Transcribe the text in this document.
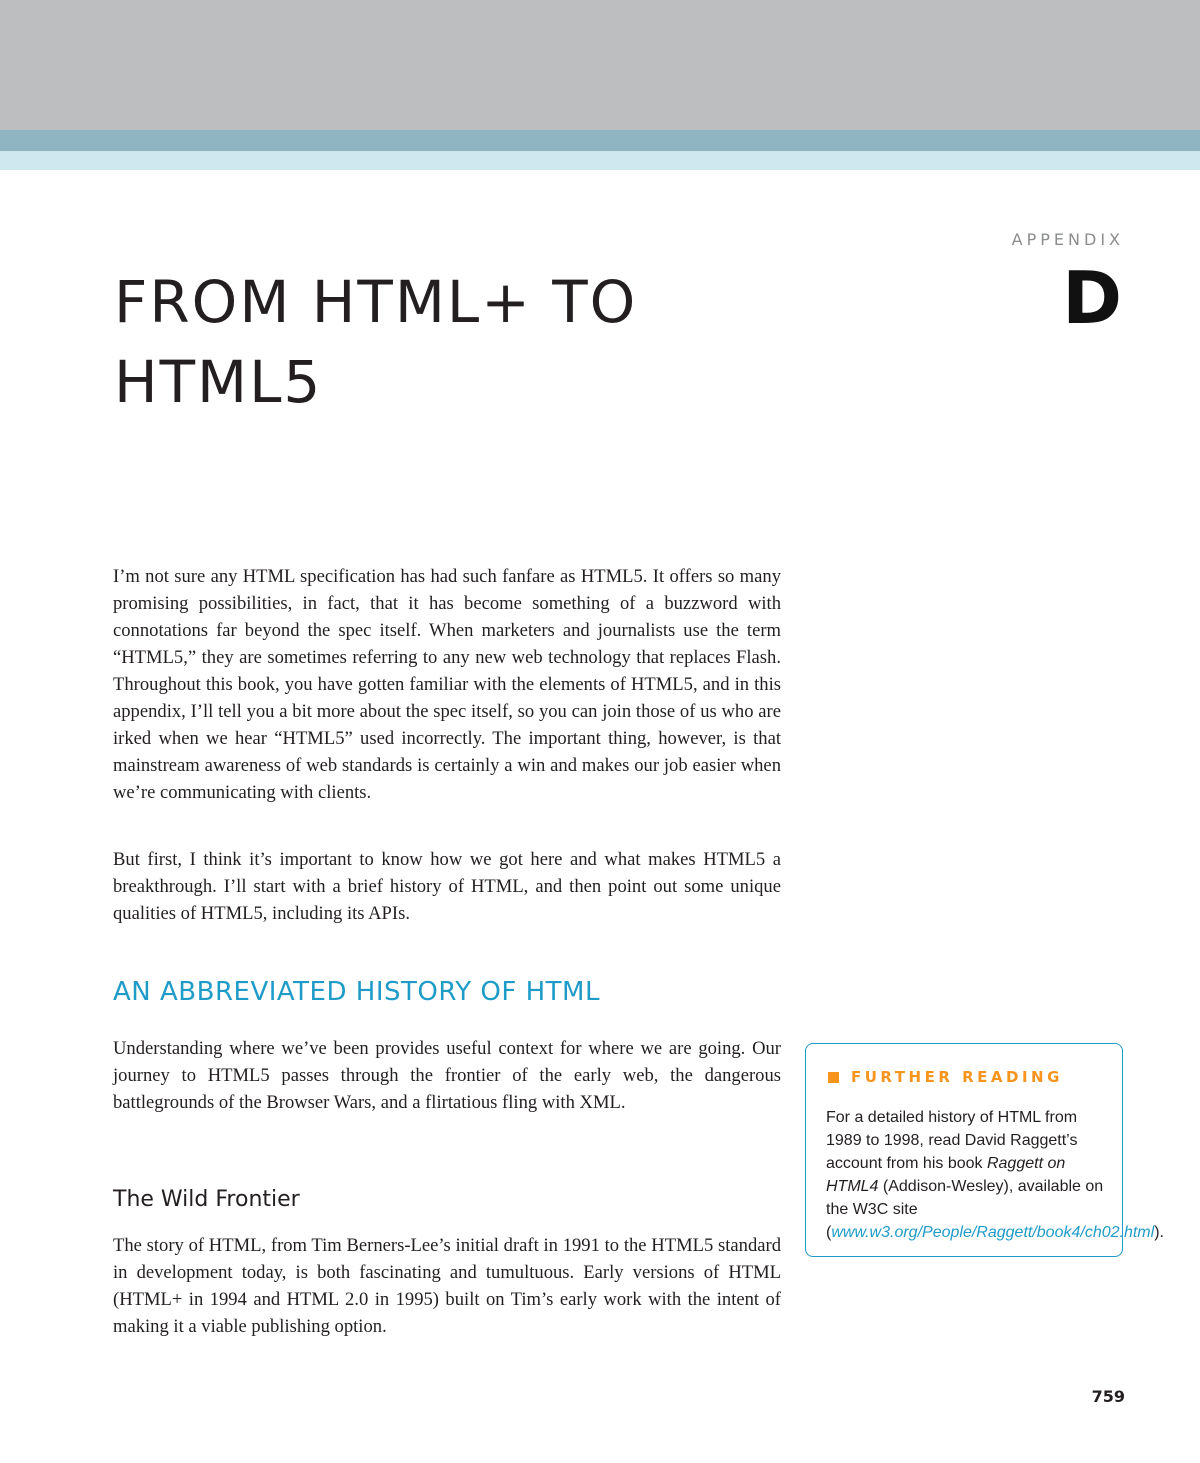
APPENDIX
D
FROM HTML+ TO
HTML5

I’m not sure any HTML specification has had such fanfare as HTML5. It offers so many promising possibilities, in fact, that it has become something of a buzzword with connotations far beyond the spec itself. When marketers and journalists use the term “HTML5,” they are sometimes referring to any new web technology that replaces Flash. Throughout this book, you have gotten familiar with the elements of HTML5, and in this appendix, I’ll tell you a bit more about the spec itself, so you can join those of us who are irked when we hear “HTML5” used incorrectly. The important thing, however, is that mainstream awareness of web standards is certainly a win and makes our job easier when we’re communicating with clients.

But first, I think it’s important to know how we got here and what makes HTML5 a breakthrough. I’ll start with a brief history of HTML, and then point out some unique qualities of HTML5, including its APIs.

AN ABBREVIATED HISTORY OF HTML

Understanding where we’ve been provides useful context for where we are going. Our journey to HTML5 passes through the frontier of the early web, the dangerous battlegrounds of the Browser Wars, and a flirtatious fling with XML.

The Wild Frontier

The story of HTML, from Tim Berners-Lee’s initial draft in 1991 to the HTML5 standard in development today, is both fascinating and tumultuous. Early versions of HTML (HTML+ in 1994 and HTML 2.0 in 1995) built on Tim’s early work with the intent of making it a viable publishing option.

FURTHER READING
For a detailed history of HTML from 1989 to 1998, read David Raggett’s account from his book Raggett on HTML4 (Addison-Wesley), available on the W3C site (www.w3.org/People/Raggett/book4/ch02.html).
759
